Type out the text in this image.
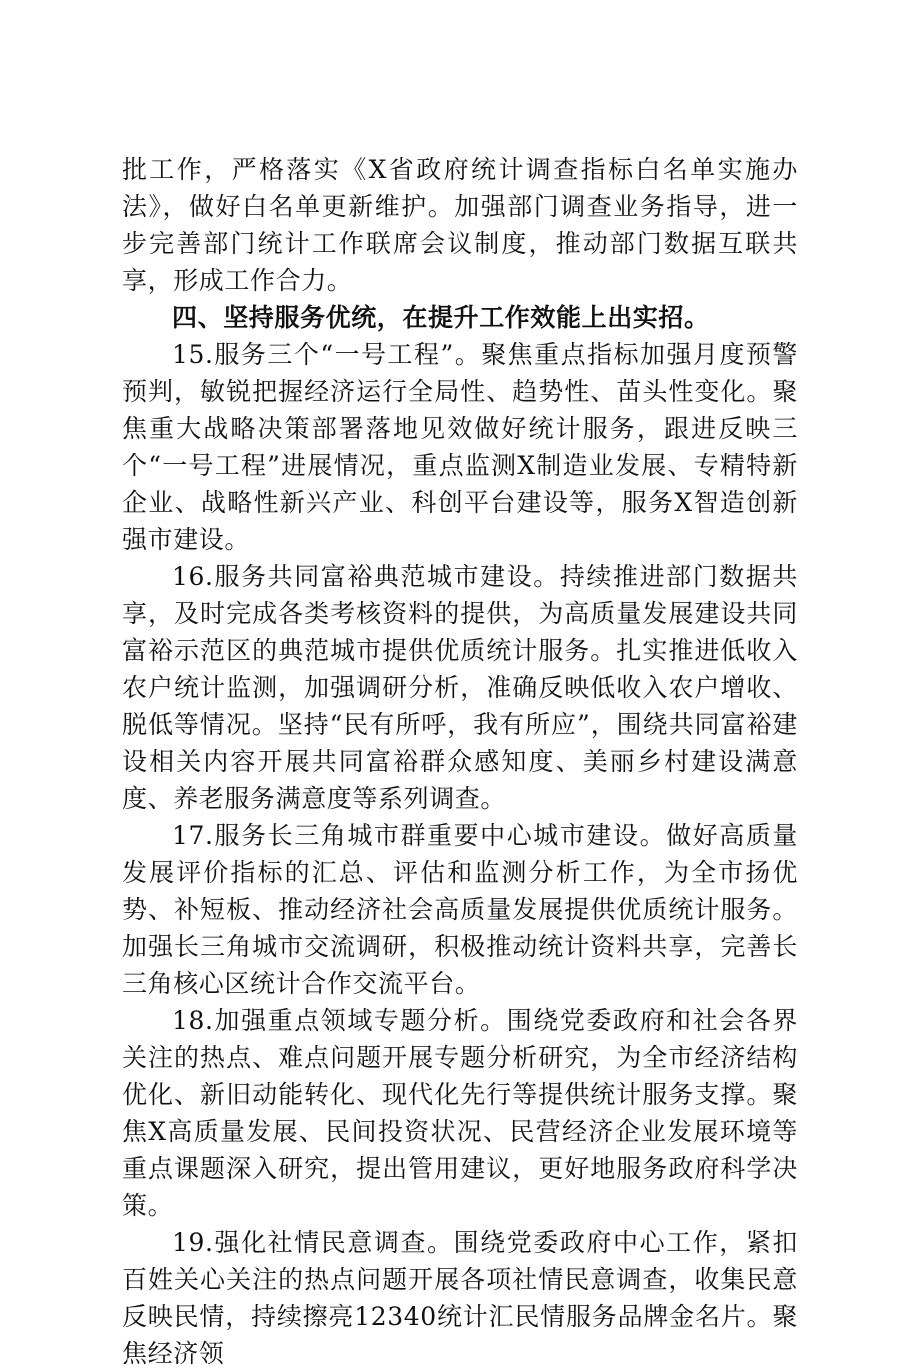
批工作，严格落实《X省政府统计调查指标白名单实施办法》，做好白名单更新维护。加强部门调查业务指导，进一步完善部门统计工作联席会议制度，推动部门数据互联共享，形成工作合力。

四、坚持服务优统，在提升工作效能上出实招。

15.服务三个“一号工程”。聚焦重点指标加强月度预警预判，敏锐把握经济运行全局性、趋势性、苗头性变化。聚焦重大战略决策部署落地见效做好统计服务，跟进反映三个“一号工程”进展情况，重点监测X制造业发展、专精特新企业、战略性新兴产业、科创平台建设等，服务X智造创新强市建设。

16.服务共同富裕典范城市建设。持续推进部门数据共享，及时完成各类考核资料的提供，为高质量发展建设共同富裕示范区的典范城市提供优质统计服务。扎实推进低收入农户统计监测，加强调研分析，准确反映低收入农户增收、脱低等情况。坚持“民有所呼，我有所应”，围绕共同富裕建设相关内容开展共同富裕群众感知度、美丽乡村建设满意度、养老服务满意度等系列调查。

17.服务长三角城市群重要中心城市建设。做好高质量发展评价指标的汇总、评估和监测分析工作，为全市扬优势、补短板、推动经济社会高质量发展提供优质统计服务。加强长三角城市交流调研，积极推动统计资料共享，完善长三角核心区统计合作交流平台。

18.加强重点领域专题分析。围绕党委政府和社会各界关注的热点、难点问题开展专题分析研究，为全市经济结构优化、新旧动能转化、现代化先行等提供统计服务支撑。聚焦X高质量发展、民间投资状况、民营经济企业发展环境等重点课题深入研究，提出管用建议，更好地服务政府科学决策。

19.强化社情民意调查。围绕党委政府中心工作，紧扣百姓关心关注的热点问题开展各项社情民意调查，收集民意反映民情，持续擦亮12340统计汇民情服务品牌金名片。聚焦经济领
